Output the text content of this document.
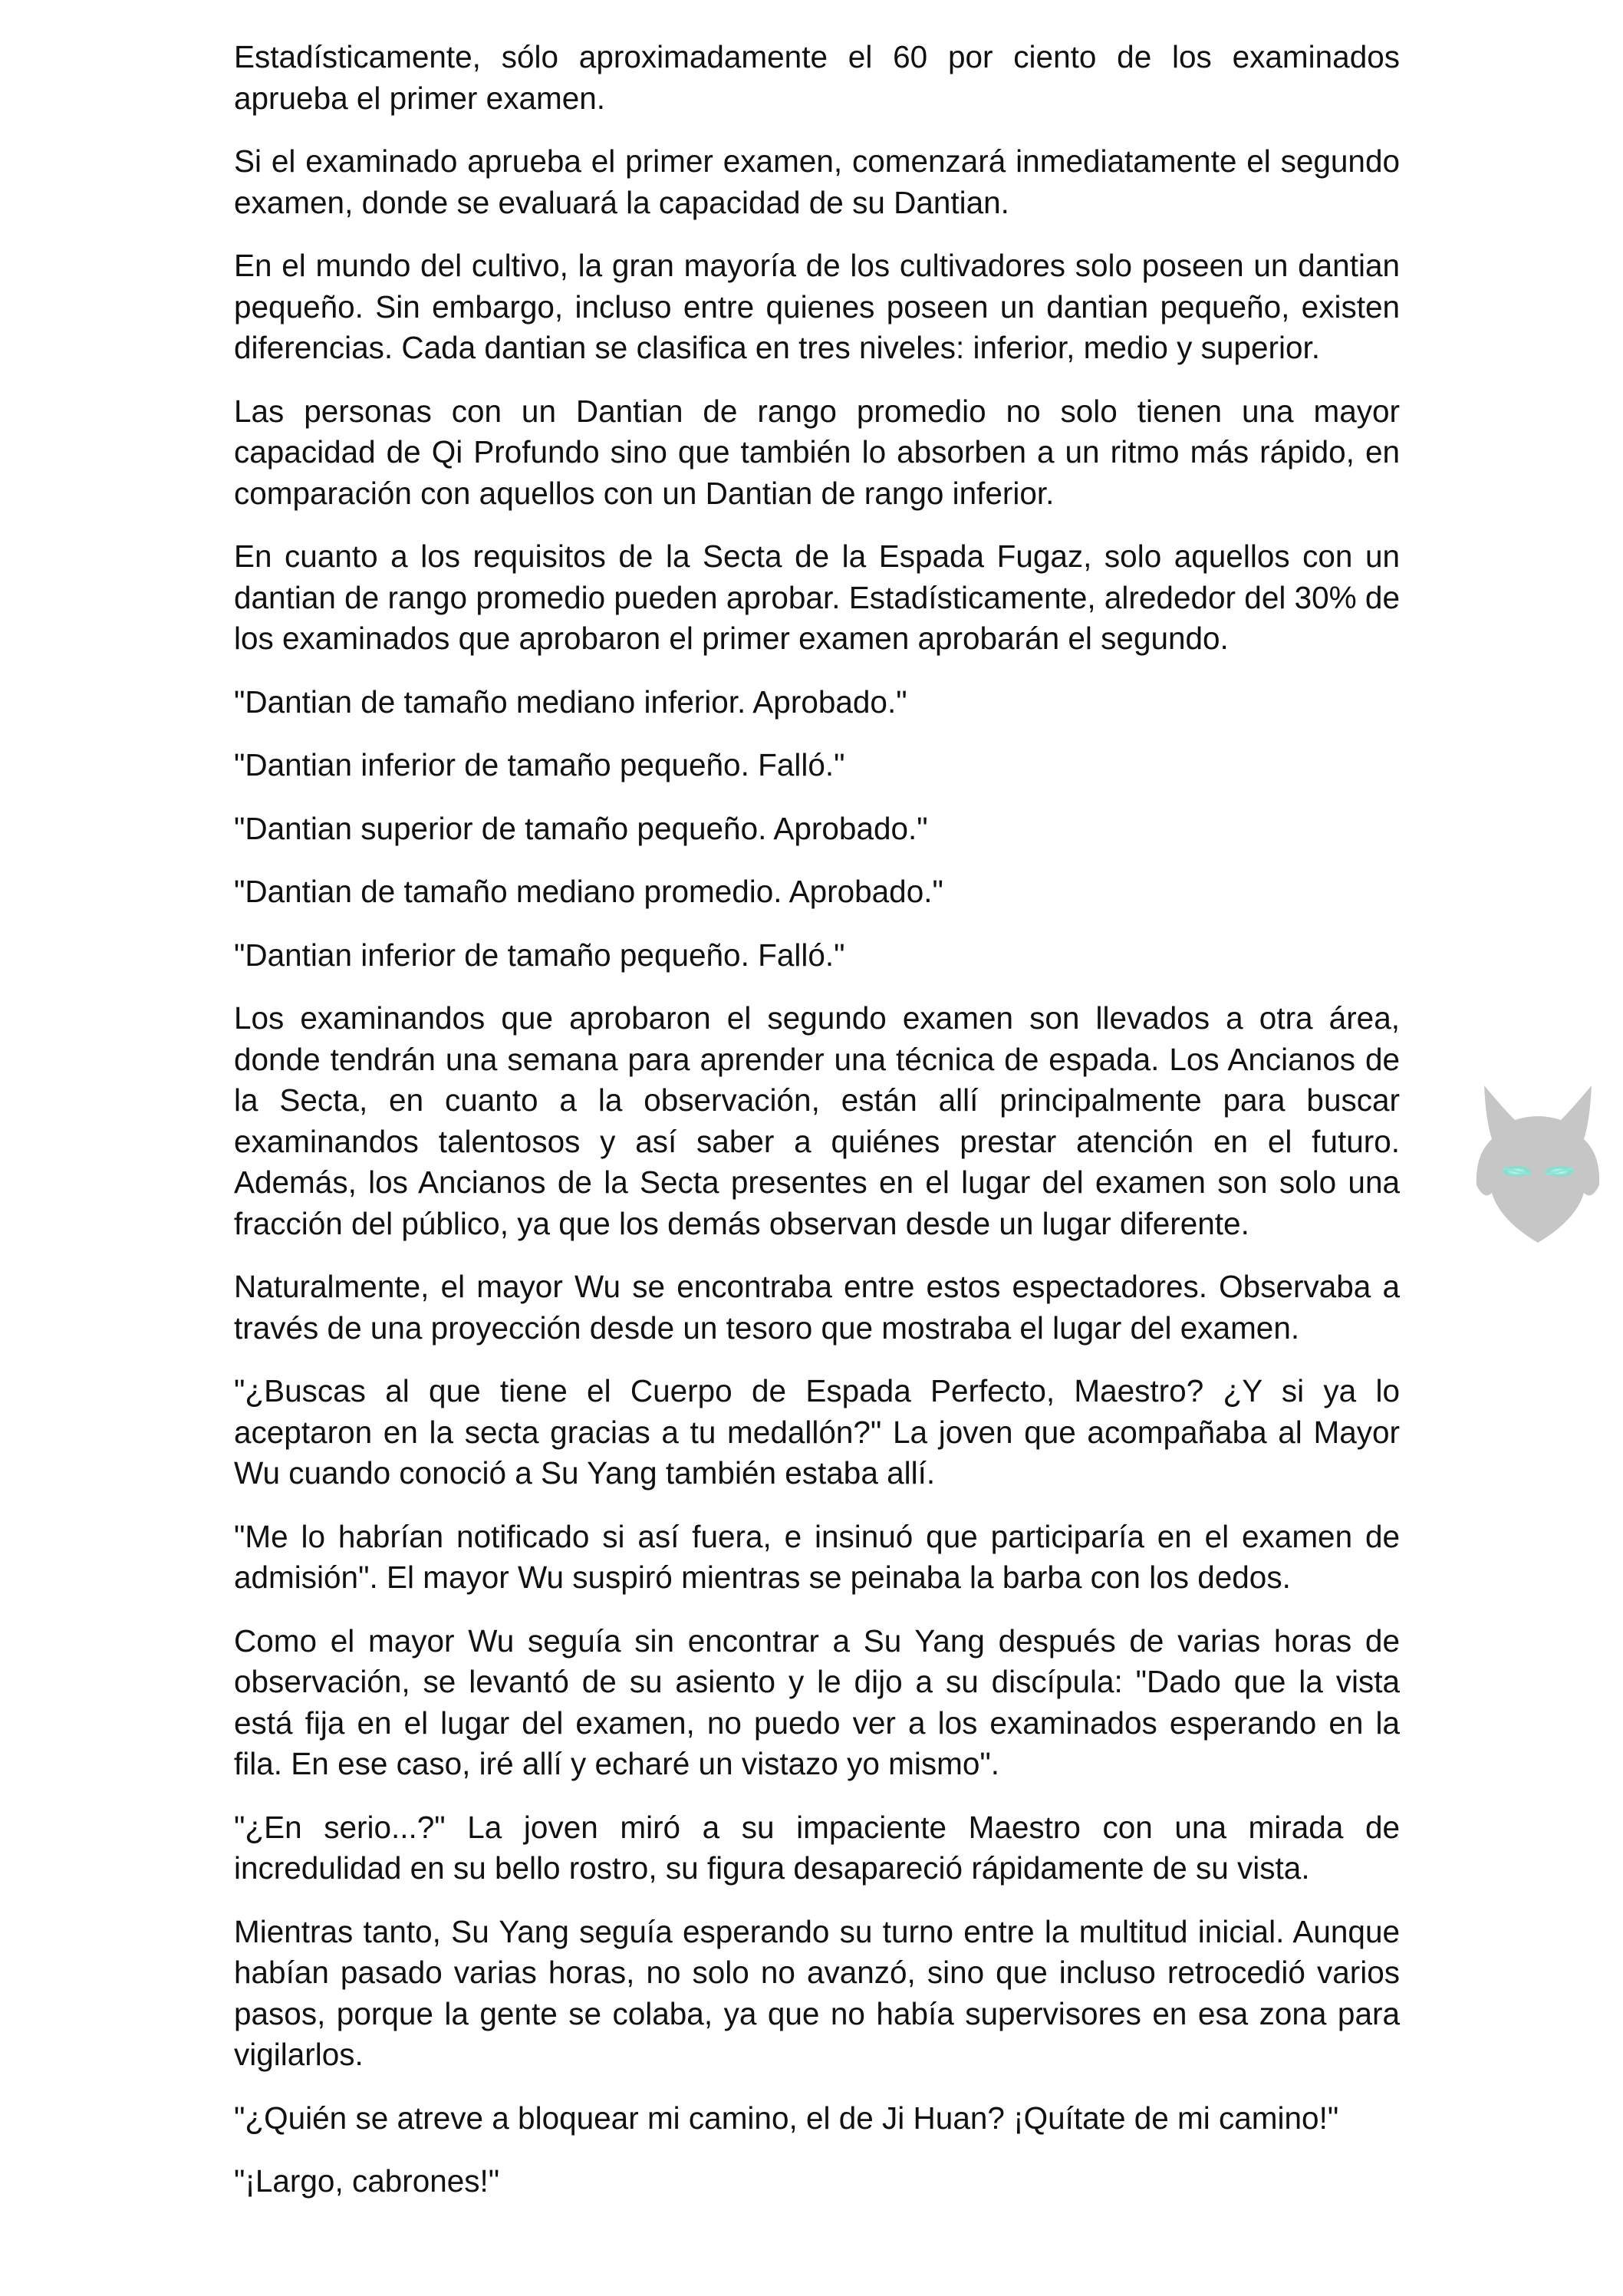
Estadísticamente, sólo aproximadamente el 60 por ciento de los examinados aprueba el primer examen.

Si el examinado aprueba el primer examen, comenzará inmediatamente el segundo examen, donde se evaluará la capacidad de su Dantian.

En el mundo del cultivo, la gran mayoría de los cultivadores solo poseen un dantian pequeño. Sin embargo, incluso entre quienes poseen un dantian pequeño, existen diferencias. Cada dantian se clasifica en tres niveles: inferior, medio y superior.

Las personas con un Dantian de rango promedio no solo tienen una mayor capacidad de Qi Profundo sino que también lo absorben a un ritmo más rápido, en comparación con aquellos con un Dantian de rango inferior.

En cuanto a los requisitos de la Secta de la Espada Fugaz, solo aquellos con un dantian de rango promedio pueden aprobar. Estadísticamente, alrededor del 30% de los examinados que aprobaron el primer examen aprobarán el segundo.

"Dantian de tamaño mediano inferior. Aprobado."

"Dantian inferior de tamaño pequeño. Falló."

"Dantian superior de tamaño pequeño. Aprobado."

"Dantian de tamaño mediano promedio. Aprobado."

"Dantian inferior de tamaño pequeño. Falló."

Los examinandos que aprobaron el segundo examen son llevados a otra área, donde tendrán una semana para aprender una técnica de espada. Los Ancianos de la Secta, en cuanto a la observación, están allí principalmente para buscar examinandos talentosos y así saber a quiénes prestar atención en el futuro. Además, los Ancianos de la Secta presentes en el lugar del examen son solo una fracción del público, ya que los demás observan desde un lugar diferente.

Naturalmente, el mayor Wu se encontraba entre estos espectadores. Observaba a través de una proyección desde un tesoro que mostraba el lugar del examen.

"¿Buscas al que tiene el Cuerpo de Espada Perfecto, Maestro? ¿Y si ya lo aceptaron en la secta gracias a tu medallón?" La joven que acompañaba al Mayor Wu cuando conoció a Su Yang también estaba allí.

"Me lo habrían notificado si así fuera, e insinuó que participaría en el examen de admisión". El mayor Wu suspiró mientras se peinaba la barba con los dedos.

Como el mayor Wu seguía sin encontrar a Su Yang después de varias horas de observación, se levantó de su asiento y le dijo a su discípula: "Dado que la vista está fija en el lugar del examen, no puedo ver a los examinados esperando en la fila. En ese caso, iré allí y echaré un vistazo yo mismo".

"¿En serio...?" La joven miró a su impaciente Maestro con una mirada de incredulidad en su bello rostro, su figura desapareció rápidamente de su vista.

Mientras tanto, Su Yang seguía esperando su turno entre la multitud inicial. Aunque habían pasado varias horas, no solo no avanzó, sino que incluso retrocedió varios pasos, porque la gente se colaba, ya que no había supervisores en esa zona para vigilarlos.

"¿Quién se atreve a bloquear mi camino, el de Ji Huan? ¡Quítate de mi camino!"

"¡Largo, cabrones!"
